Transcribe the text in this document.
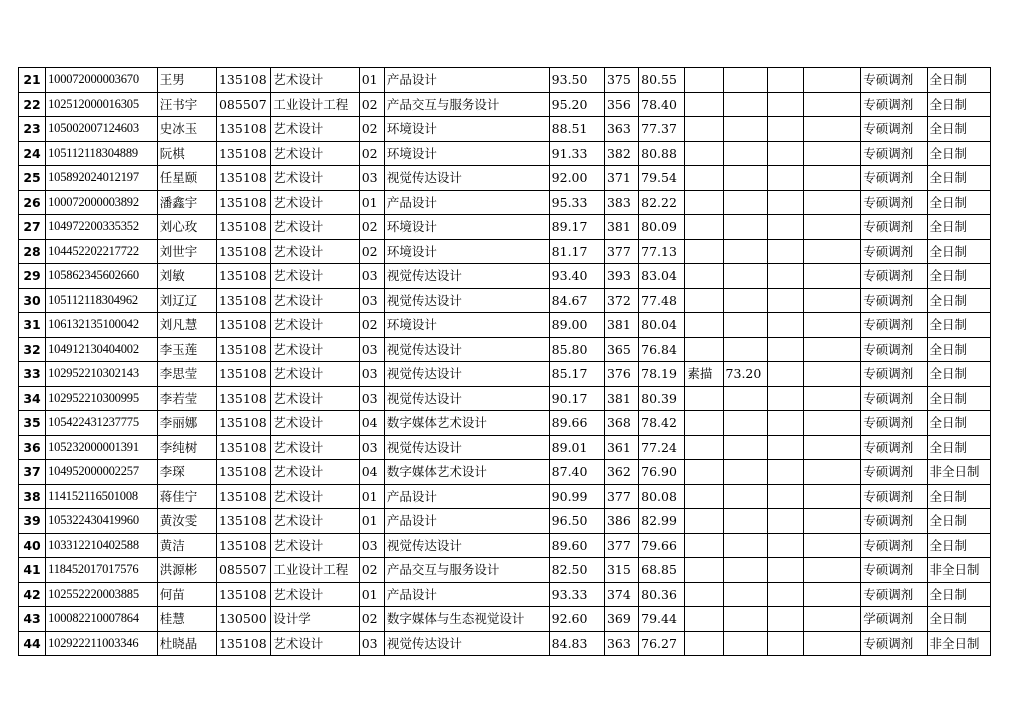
21	100072000003670	王男	135108	艺术设计	01	产品设计	93.50	375	80.55					专硕调剂	全日制
22	102512000016305	汪书宇	085507	工业设计工程	02	产品交互与服务设计	95.20	356	78.40					专硕调剂	全日制
23	105002007124603	史冰玉	135108	艺术设计	02	环境设计	88.51	363	77.37					专硕调剂	全日制
24	105112118304889	阮棋	135108	艺术设计	02	环境设计	91.33	382	80.88					专硕调剂	全日制
25	105892024012197	任星颐	135108	艺术设计	03	视觉传达设计	92.00	371	79.54					专硕调剂	全日制
26	100072000003892	潘鑫宇	135108	艺术设计	01	产品设计	95.33	383	82.22					专硕调剂	全日制
27	104972200335352	刘心玫	135108	艺术设计	02	环境设计	89.17	381	80.09					专硕调剂	全日制
28	104452202217722	刘世宇	135108	艺术设计	02	环境设计	81.17	377	77.13					专硕调剂	全日制
29	105862345602660	刘敏	135108	艺术设计	03	视觉传达设计	93.40	393	83.04					专硕调剂	全日制
30	105112118304962	刘辽辽	135108	艺术设计	03	视觉传达设计	84.67	372	77.48					专硕调剂	全日制
31	106132135100042	刘凡慧	135108	艺术设计	02	环境设计	89.00	381	80.04					专硕调剂	全日制
32	104912130404002	李玉莲	135108	艺术设计	03	视觉传达设计	85.80	365	76.84					专硕调剂	全日制
33	102952210302143	李思莹	135108	艺术设计	03	视觉传达设计	85.17	376	78.19	素描	73.20			专硕调剂	全日制
34	102952210300995	李若莹	135108	艺术设计	03	视觉传达设计	90.17	381	80.39					专硕调剂	全日制
35	105422431237775	李丽娜	135108	艺术设计	04	数字媒体艺术设计	89.66	368	78.42					专硕调剂	全日制
36	105232000001391	李纯树	135108	艺术设计	03	视觉传达设计	89.01	361	77.24					专硕调剂	全日制
37	104952000002257	李琛	135108	艺术设计	04	数字媒体艺术设计	87.40	362	76.90					专硕调剂	非全日制
38	114152116501008	蒋佳宁	135108	艺术设计	01	产品设计	90.99	377	80.08					专硕调剂	全日制
39	105322430419960	黄汝雯	135108	艺术设计	01	产品设计	96.50	386	82.99					专硕调剂	全日制
40	103312210402588	黄洁	135108	艺术设计	03	视觉传达设计	89.60	377	79.66					专硕调剂	全日制
41	118452017017576	洪源彬	085507	工业设计工程	02	产品交互与服务设计	82.50	315	68.85					专硕调剂	非全日制
42	102552220003885	何苗	135108	艺术设计	01	产品设计	93.33	374	80.36					专硕调剂	全日制
43	100082210007864	桂慧	130500	设计学	02	数字媒体与生态视觉设计	92.60	369	79.44					学硕调剂	全日制
44	102922211003346	杜晓晶	135108	艺术设计	03	视觉传达设计	84.83	363	76.27					专硕调剂	非全日制
